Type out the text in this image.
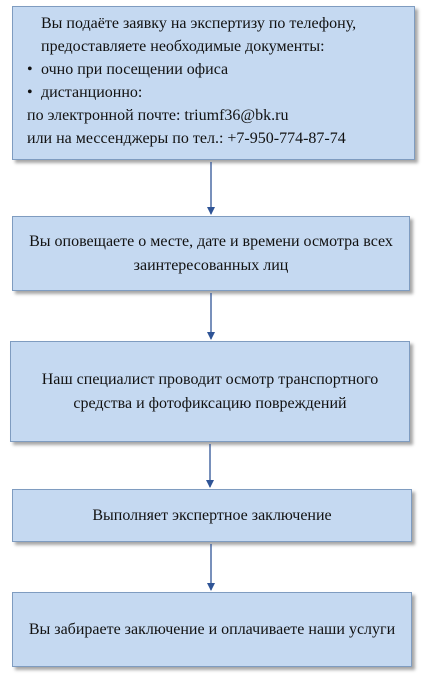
Вы подаёте заявку на экспертизу по телефону, предоставляете необходимые документы:
• очно при посещении офиса
• дистанционно:
по электронной почте: triumf36@bk.ru
или на мессенджеры по тел.: +7-950-774-87-74
Вы оповещаете о месте, дате и времени осмотра всех заинтересованных лиц
Наш специалист проводит осмотр транспортного средства и фотофиксацию повреждений
Выполняет экспертное заключение
Вы забираете заключение и оплачиваете наши услуги
